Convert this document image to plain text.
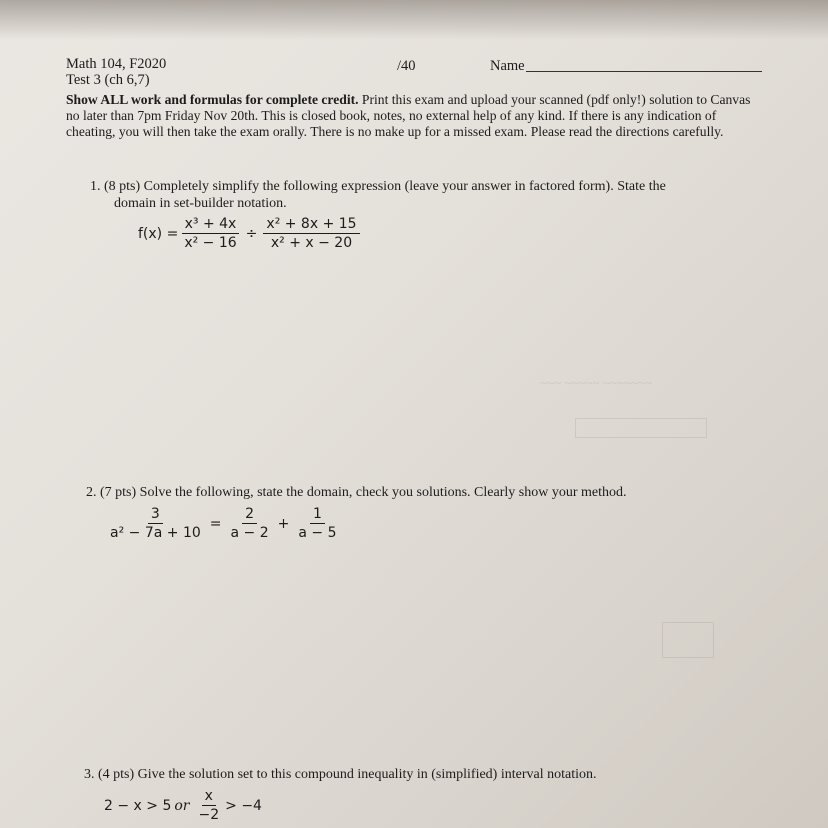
~~~ ~~~~~ ~~~~~~~
Math 104, F2020	/40	Name
Test 3 (ch 6,7)
Show ALL work and formulas for complete credit. Print this exam and upload your scanned (pdf only!) solution to Canvas no later than 7pm Friday Nov 20th. This is closed book, notes, no external help of any kind. If there is any indication of cheating, you will then take the exam orally. There is no make up for a missed exam. Please read the directions carefully.
1. (8 pts) Completely simplify the following expression (leave your answer in factored form). State the
domain in set-builder notation.
$f(x) = \frac{\text{x³ + 4x}}{\text{x² − 16}} \div \frac{\text{x² + 8x + 15}}{\text{x² + x − 20}}$
2. (7 pts) Solve the following, state the domain, check you solutions. Clearly show your method.
$\frac{3}{\text{a² − 7a + 10}} = \frac{2}{a - 2} + \frac{1}{a - 5}$
3. (4 pts) Give the solution set to this compound inequality in (simplified) interval notation.
2 − x > 5 or $\frac{x}{-2} > -4$
